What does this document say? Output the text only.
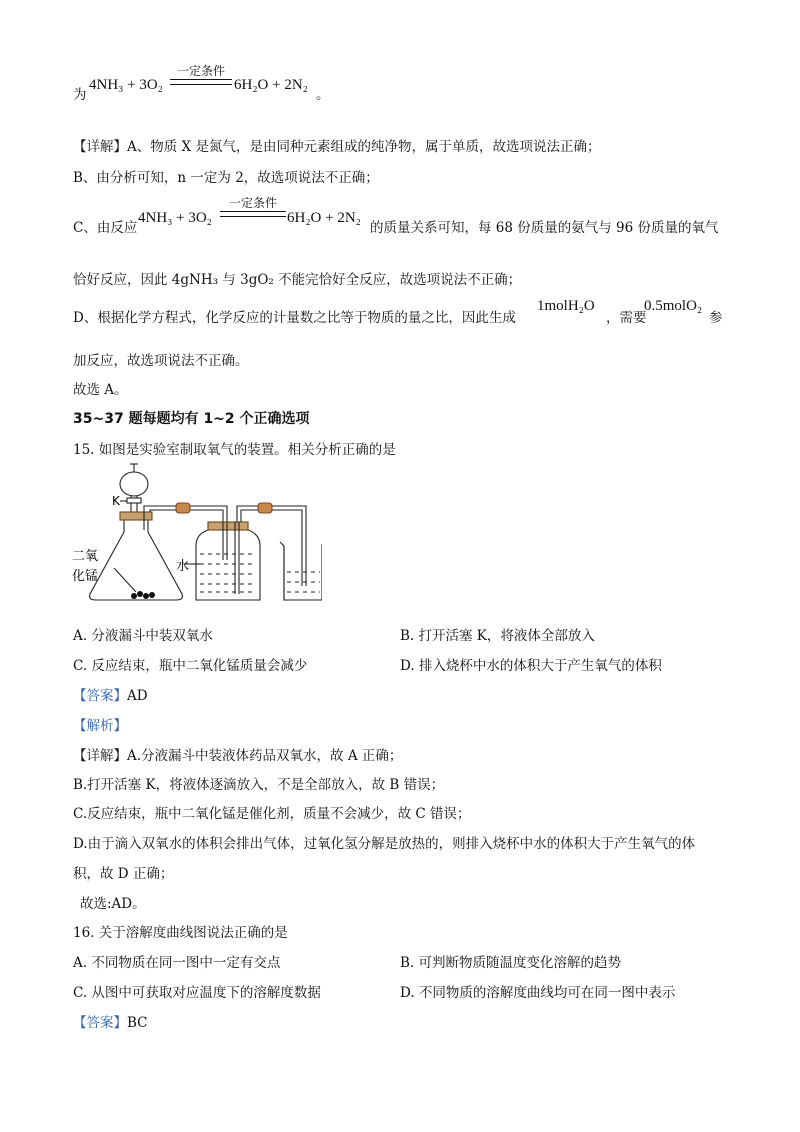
为
4NH₃ + 3O₂
一定条件
6H₂O + 2N₂
。
【详解】A、物质 X 是氮气，是由同种元素组成的纯净物，属于单质，故选项说法正确；
B、由分析可知，n 一定为 2，故选项说法不正确；
C、由反应
4NH₃ + 3O₂
一定条件
6H₂O + 2N₂
的质量关系可知，每 68 份质量的氨气与 96 份质量的氧气
恰好反应，因此 4gNH₃ 与 3gO₂ 不能完恰好全反应，故选项说法不正确；
D、根据化学方程式，化学反应的计量数之比等于物质的量之比，因此生成
1molH₂O
，需要
0.5molO₂
参
加反应，故选项说法不正确。
故选 A。
35~37 题每题均有 1~2 个正确选项
15. 如图是实验室制取氧气的装置。相关分析正确的是
K
二氧
化锰
水
A. 分液漏斗中装双氧水	B. 打开活塞 K，将液体全部放入
C. 反应结束，瓶中二氧化锰质量会减少	D. 排入烧杯中水的体积大于产生氧气的体积
【答案】AD
【解析】
【详解】A.分液漏斗中装液体药品双氧水，故 A 正确；
B.打开活塞 K，将液体逐滴放入，不是全部放入，故 B 错误；
C.反应结束，瓶中二氧化锰是催化剂，质量不会减少，故 C 错误；
D.由于滴入双氧水的体积会排出气体，过氧化氢分解是放热的，则排入烧杯中水的体积大于产生氧气的体
积，故 D 正确；
故选:AD。
16. 关于溶解度曲线图说法正确的是
A. 不同物质在同一图中一定有交点	B. 可判断物质随温度变化溶解的趋势
C. 从图中可获取对应温度下的溶解度数据	D. 不同物质的溶解度曲线均可在同一图中表示
【答案】BC
